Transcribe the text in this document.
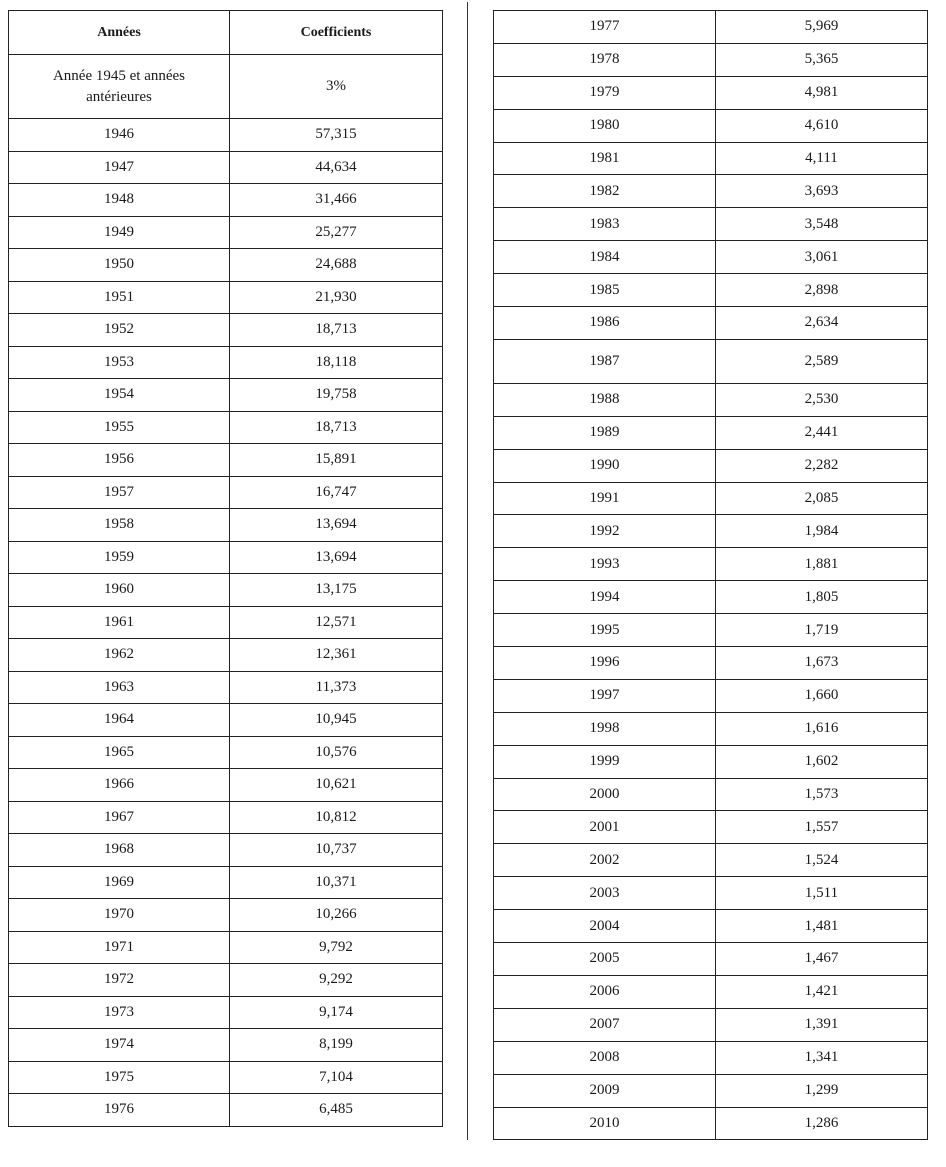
Années	Coefficients
Année 1945 et années
antérieures	3%
1946	57,315
1947	44,634
1948	31,466
1949	25,277
1950	24,688
1951	21,930
1952	18,713
1953	18,118
1954	19,758
1955	18,713
1956	15,891
1957	16,747
1958	13,694
1959	13,694
1960	13,175
1961	12,571
1962	12,361
1963	11,373
1964	10,945
1965	10,576
1966	10,621
1967	10,812
1968	10,737
1969	10,371
1970	10,266
1971	9,792
1972	9,292
1973	9,174
1974	8,199
1975	7,104
1976	6,485
1977	5,969
1978	5,365
1979	4,981
1980	4,610
1981	4,111
1982	3,693
1983	3,548
1984	3,061
1985	2,898
1986	2,634
1987	2,589
1988	2,530
1989	2,441
1990	2,282
1991	2,085
1992	1,984
1993	1,881
1994	1,805
1995	1,719
1996	1,673
1997	1,660
1998	1,616
1999	1,602
2000	1,573
2001	1,557
2002	1,524
2003	1,511
2004	1,481
2005	1,467
2006	1,421
2007	1,391
2008	1,341
2009	1,299
2010	1,286
